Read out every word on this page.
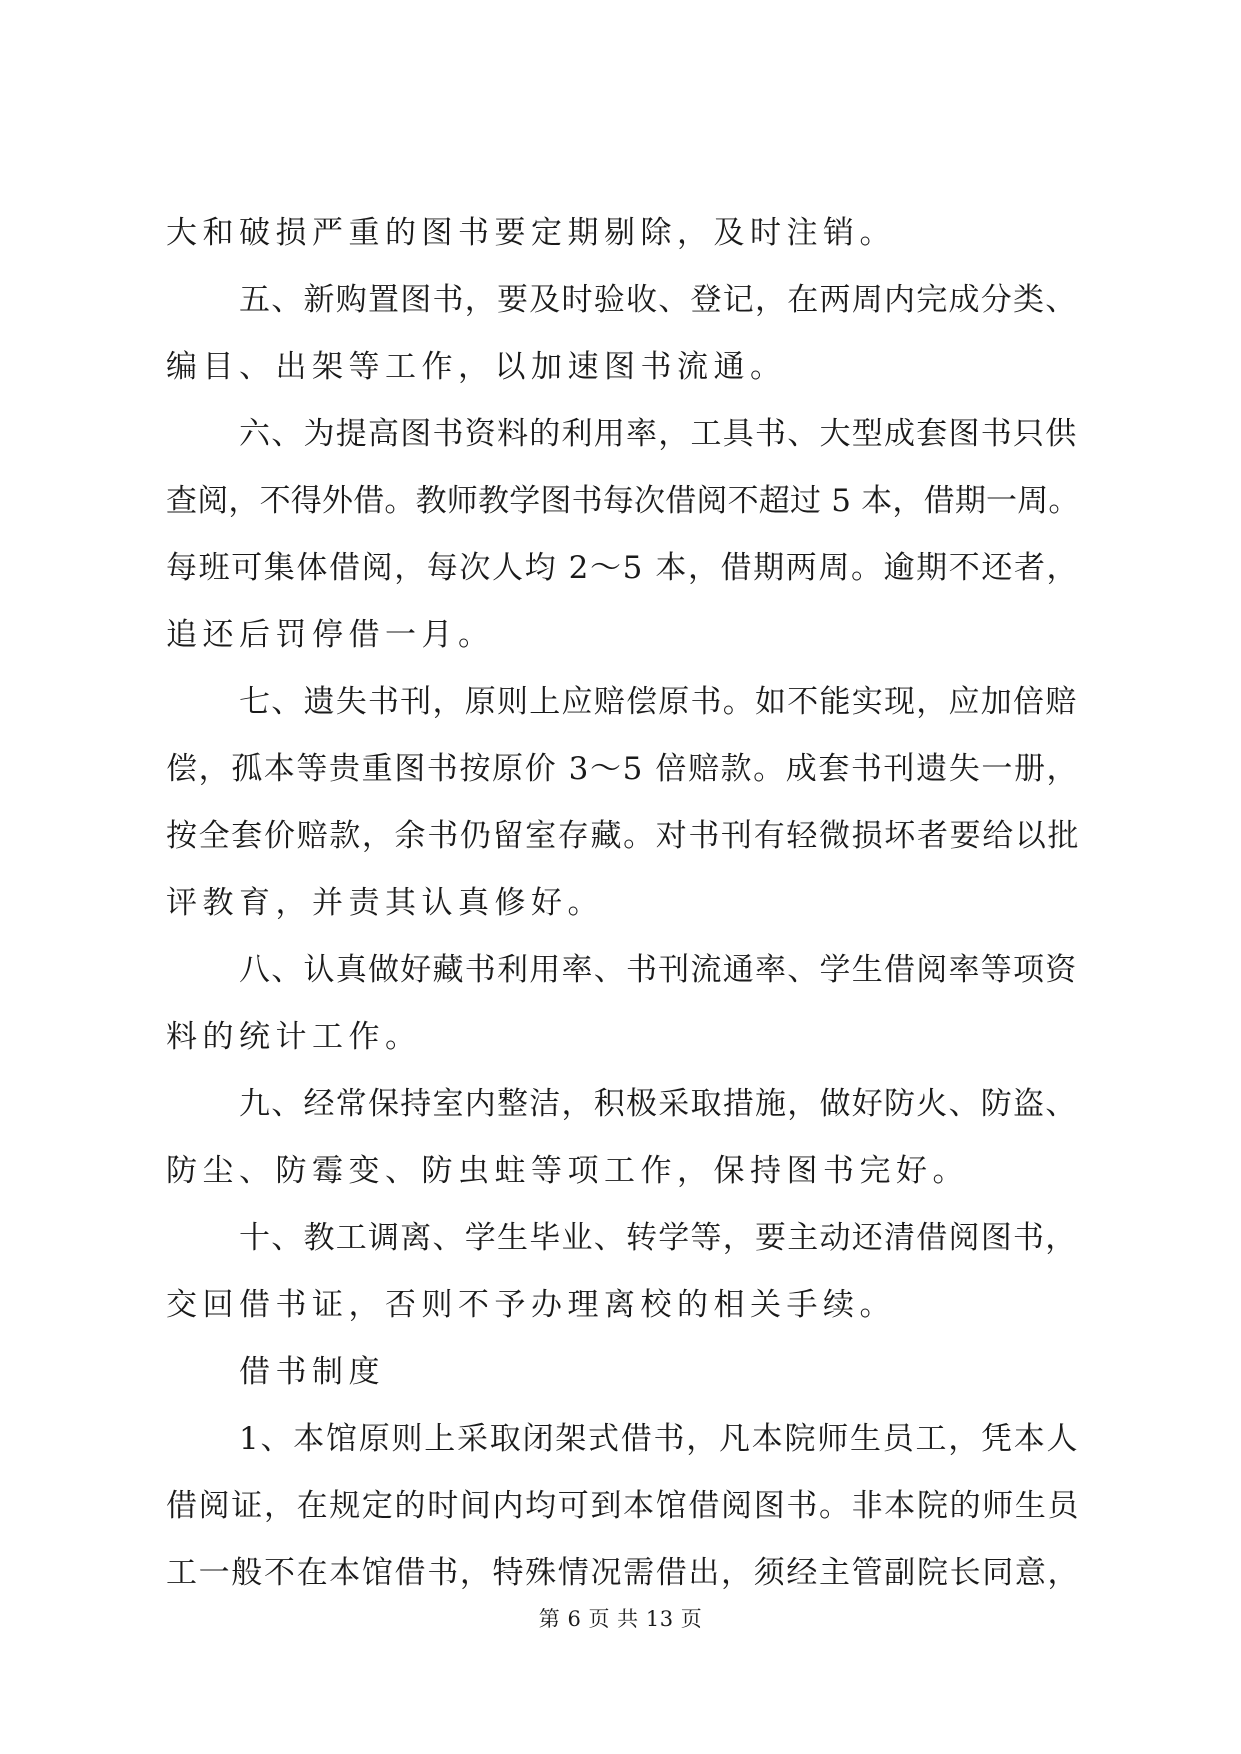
大和破损严重的图书要定期剔除，及时注销。
五、新购置图书，要及时验收、登记，在两周内完成分类、
编目、出架等工作，以加速图书流通。
六、为提高图书资料的利用率，工具书、大型成套图书只供
查阅，不得外借。教师教学图书每次借阅不超过 5 本，借期一周。
每班可集体借阅，每次人均 2～5 本，借期两周。逾期不还者，
追还后罚停借一月。
七、遗失书刊，原则上应赔偿原书。如不能实现，应加倍赔
偿，孤本等贵重图书按原价 3～5 倍赔款。成套书刊遗失一册，
按全套价赔款，余书仍留室存藏。对书刊有轻微损坏者要给以批
评教育，并责其认真修好。
八、认真做好藏书利用率、书刊流通率、学生借阅率等项资
料的统计工作。
九、经常保持室内整洁，积极采取措施，做好防火、防盗、
防尘、防霉变、防虫蛀等项工作，保持图书完好。
十、教工调离、学生毕业、转学等，要主动还清借阅图书，
交回借书证，否则不予办理离校的相关手续。
借书制度
1、本馆原则上采取闭架式借书，凡本院师生员工，凭本人
借阅证，在规定的时间内均可到本馆借阅图书。非本院的师生员
工一般不在本馆借书，特殊情况需借出，须经主管副院长同意，
第 6 页 共 13 页
